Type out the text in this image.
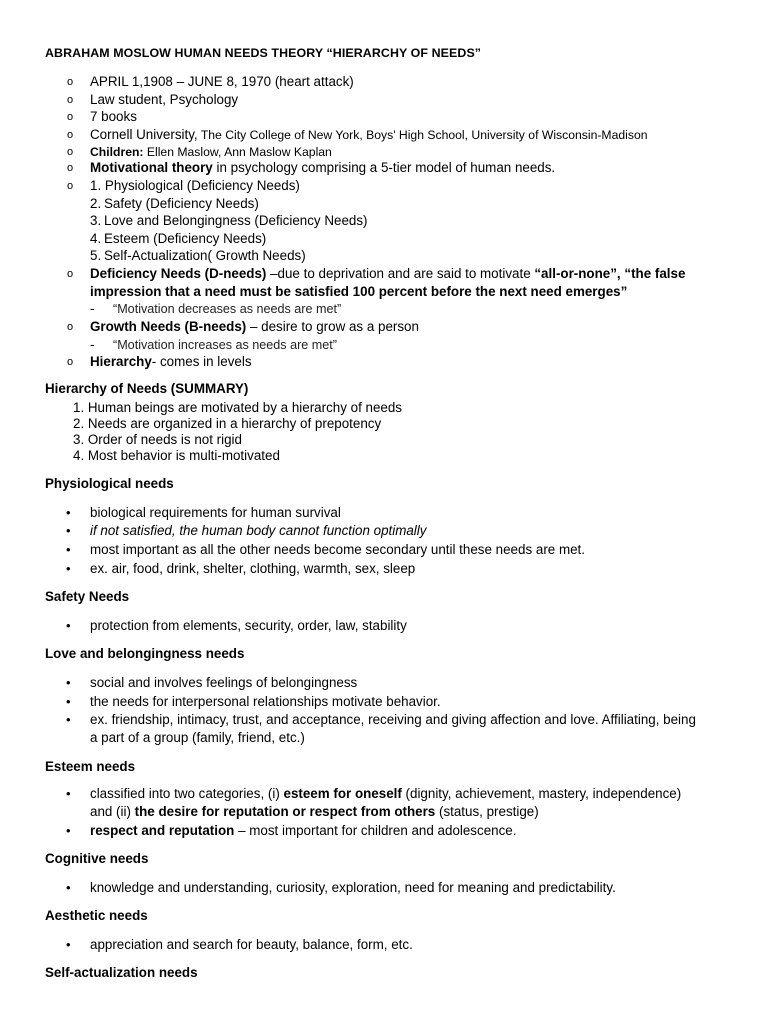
ABRAHAM MOSLOW HUMAN NEEDS THEORY “HIERARCHY OF NEEDS”
o APRIL 1,1908 – JUNE 8, 1970 (heart attack)
o Law student, Psychology
o 7 books
o Cornell University, The City College of New York, Boys' High School, University of Wisconsin-Madison
o Children: Ellen Maslow, Ann Maslow Kaplan
o Motivational theory in psychology comprising a 5-tier model of human needs.
o 1. Physiological (Deficiency Needs)
2. Safety (Deficiency Needs)
3. Love and Belongingness (Deficiency Needs)
4. Esteem (Deficiency Needs)
5. Self-Actualization( Growth Needs)
o Deficiency Needs (D-needs) –due to deprivation and are said to motivate “all-or-none”, “the false
impression that a need must be satisfied 100 percent before the next need emerges”
- “Motivation decreases as needs are met”
o Growth Needs (B-needs) – desire to grow as a person
- “Motivation increases as needs are met”
o Hierarchy- comes in levels
Hierarchy of Needs (SUMMARY)
1. Human beings are motivated by a hierarchy of needs
2. Needs are organized in a hierarchy of prepotency
3. Order of needs is not rigid
4. Most behavior is multi-motivated
Physiological needs
• biological requirements for human survival
• if not satisfied, the human body cannot function optimally
• most important as all the other needs become secondary until these needs are met.
• ex. air, food, drink, shelter, clothing, warmth, sex, sleep
Safety Needs
• protection from elements, security, order, law, stability
Love and belongingness needs
• social and involves feelings of belongingness
• the needs for interpersonal relationships motivate behavior.
• ex. friendship, intimacy, trust, and acceptance, receiving and giving affection and love. Affiliating, being
a part of a group (family, friend, etc.)
Esteem needs
• classified into two categories, (i) esteem for oneself (dignity, achievement, mastery, independence)
and (ii) the desire for reputation or respect from others (status, prestige)
• respect and reputation – most important for children and adolescence.
Cognitive needs
• knowledge and understanding, curiosity, exploration, need for meaning and predictability.
Aesthetic needs
• appreciation and search for beauty, balance, form, etc.
Self-actualization needs
